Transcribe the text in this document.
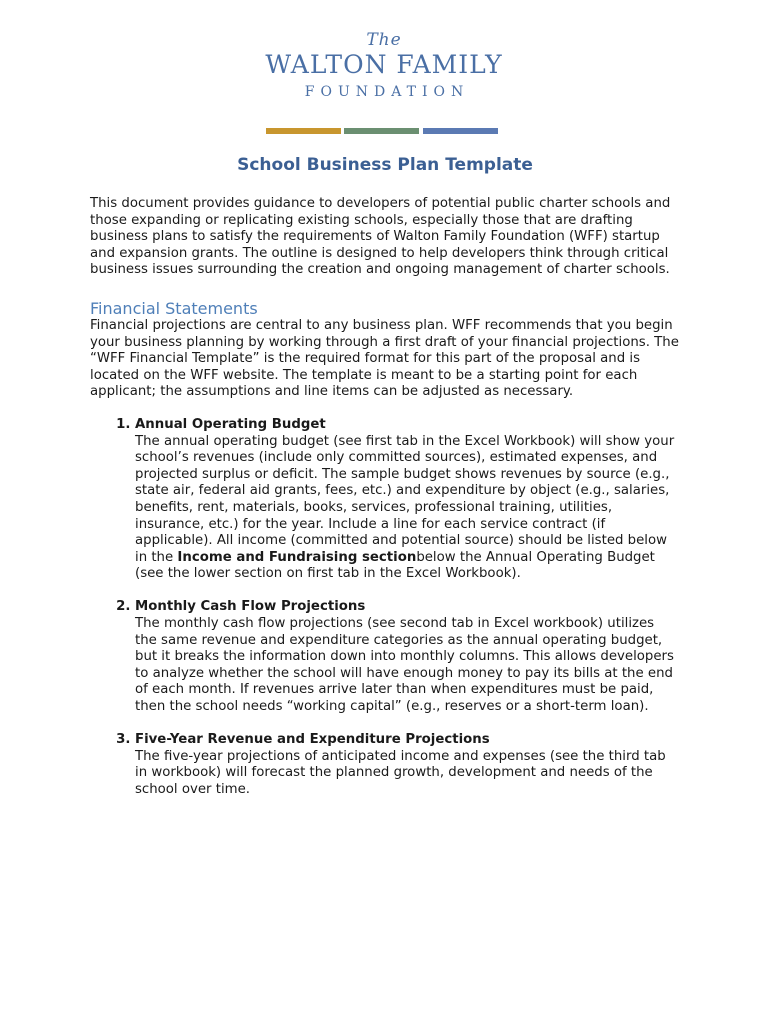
The
WALTON FAMILY
FOUNDATION
School Business Plan Template

This document provides guidance to developers of potential public charter schools and those expanding or replicating existing schools, especially those that are drafting business plans to satisfy the requirements of Walton Family Foundation (WFF) startup and expansion grants. The outline is designed to help developers think through critical business issues surrounding the creation and ongoing management of charter schools.

Financial Statements

Financial projections are central to any business plan. WFF recommends that you begin your business planning by working through a first draft of your financial projections. The “WFF Financial Template” is the required format for this part of the proposal and is located on the WFF website. The template is meant to be a starting point for each applicant; the assumptions and line items can be adjusted as necessary.

1. Annual Operating Budget
The annual operating budget (see first tab in the Excel Workbook) will show your school’s revenues (include only committed sources), estimated expenses, and projected surplus or deficit. The sample budget shows revenues by source (e.g., state air, federal aid grants, fees, etc.) and expenditure by object (e.g., salaries, benefits, rent, materials, books, services, professional training, utilities, insurance, etc.) for the year. Include a line for each service contract (if applicable). All income (committed and potential source) should be listed below in the Income and Fundraising sectionbelow the Annual Operating Budget (see the lower section on first tab in the Excel Workbook).
2. Monthly Cash Flow Projections
The monthly cash flow projections (see second tab in Excel workbook) utilizes the same revenue and expenditure categories as the annual operating budget, but it breaks the information down into monthly columns. This allows developers to analyze whether the school will have enough money to pay its bills at the end of each month. If revenues arrive later than when expenditures must be paid, then the school needs “working capital” (e.g., reserves or a short-term loan).
3. Five-Year Revenue and Expenditure Projections
The five-year projections of anticipated income and expenses (see the third tab in workbook) will forecast the planned growth, development and needs of the school over time.
